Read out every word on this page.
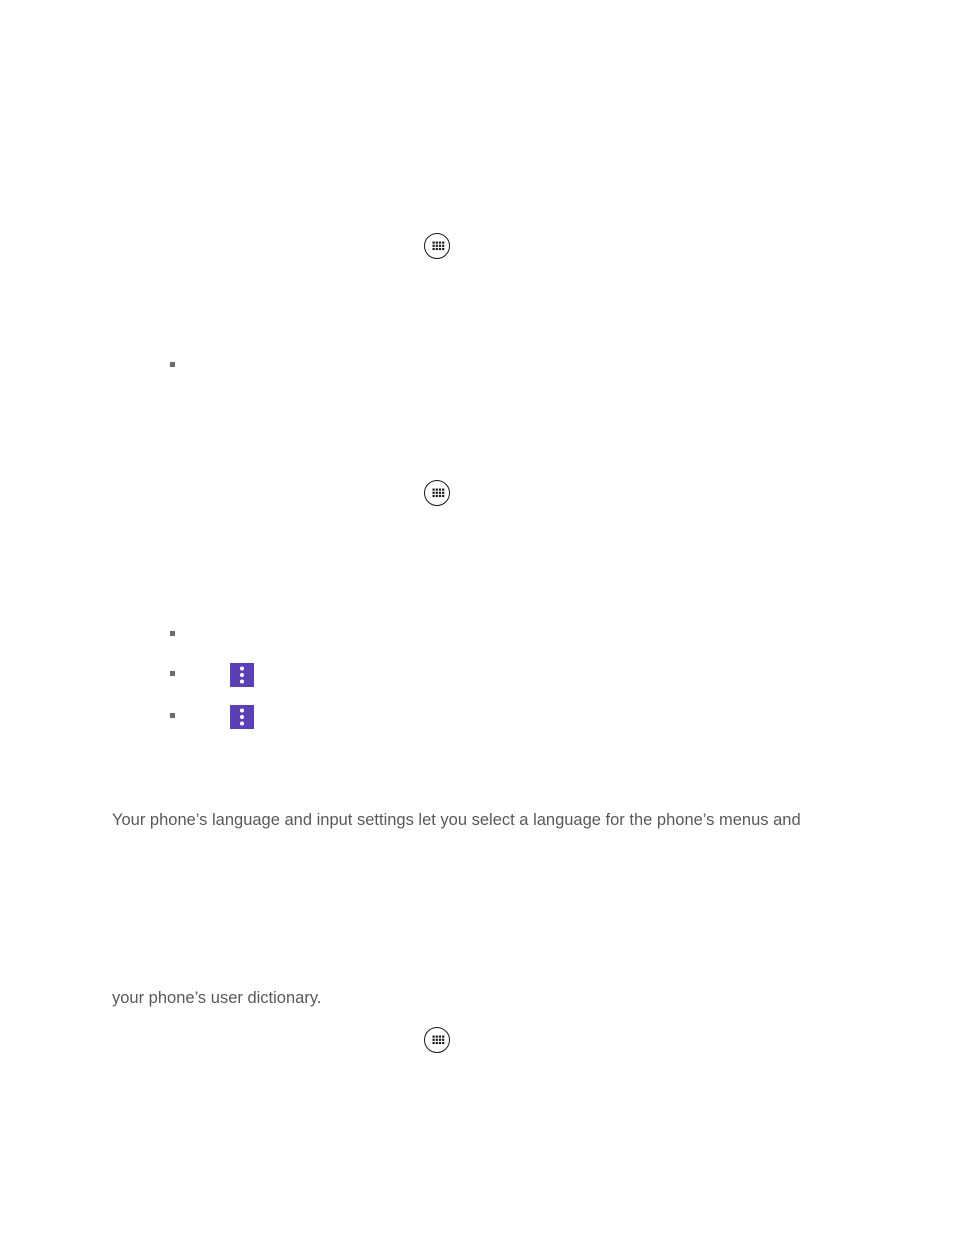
Your phone’s language and input settings let you select a language for the phone’s menus and
your phone’s user dictionary.
